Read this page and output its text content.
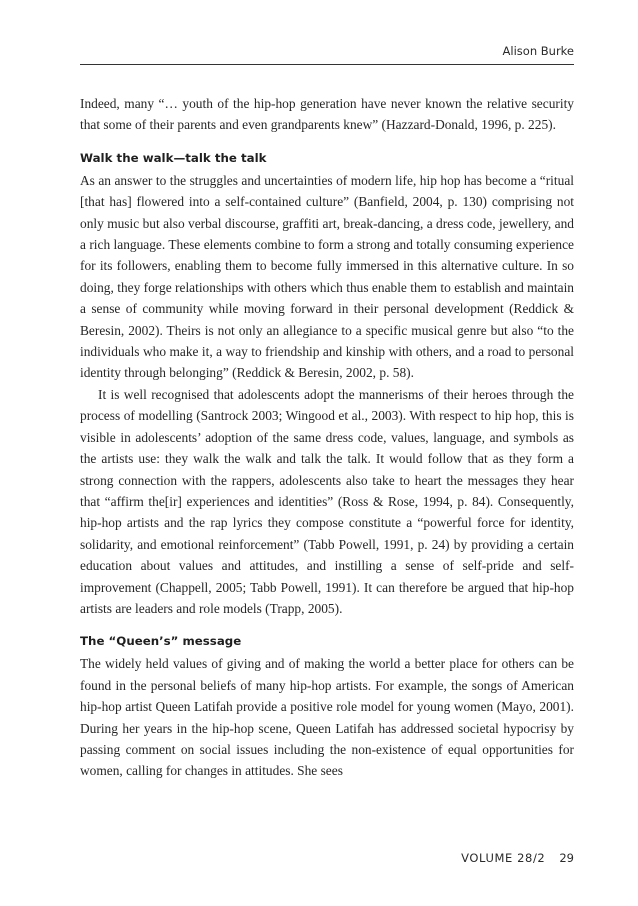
Alison Burke

Indeed, many “… youth of the hip-hop generation have never known the relative security that some of their parents and even grandparents knew” (Hazzard-Donald, 1996, p. 225).

Walk the walk—talk the talk

As an answer to the struggles and uncertainties of modern life, hip hop has become a “ritual [that has] flowered into a self-contained culture” (Banfield, 2004, p. 130) comprising not only music but also verbal discourse, graffiti art, break-dancing, a dress code, jewellery, and a rich language. These elements combine to form a strong and totally consuming experience for its followers, enabling them to become fully immersed in this alternative culture. In so doing, they forge relationships with others which thus enable them to establish and maintain a sense of community while moving forward in their personal development (Reddick & Beresin, 2002). Theirs is not only an allegiance to a specific musical genre but also “to the individuals who make it, a way to friendship and kinship with others, and a road to personal identity through belonging” (Reddick & Beresin, 2002, p. 58).

It is well recognised that adolescents adopt the mannerisms of their heroes through the process of modelling (Santrock 2003; Wingood et al., 2003). With respect to hip hop, this is visible in adolescents’ adoption of the same dress code, values, language, and symbols as the artists use: they walk the walk and talk the talk. It would follow that as they form a strong connection with the rappers, adolescents also take to heart the messages they hear that “affirm the[ir] experiences and identities” (Ross & Rose, 1994, p. 84). Consequently, hip-hop artists and the rap lyrics they compose constitute a “powerful force for identity, solidarity, and emotional reinforcement” (Tabb Powell, 1991, p. 24) by providing a certain education about values and attitudes, and instilling a sense of self-pride and self-improvement (Chappell, 2005; Tabb Powell, 1991). It can therefore be argued that hip-hop artists are leaders and role models (Trapp, 2005).

The “Queen’s” message

The widely held values of giving and of making the world a better place for others can be found in the personal beliefs of many hip-hop artists. For example, the songs of American hip-hop artist Queen Latifah provide a positive role model for young women (Mayo, 2001). During her years in the hip-hop scene, Queen Latifah has addressed societal hypocrisy by passing comment on social issues including the non-existence of equal opportunities for women, calling for changes in attitudes. She sees

VOLUME 28/2 29
